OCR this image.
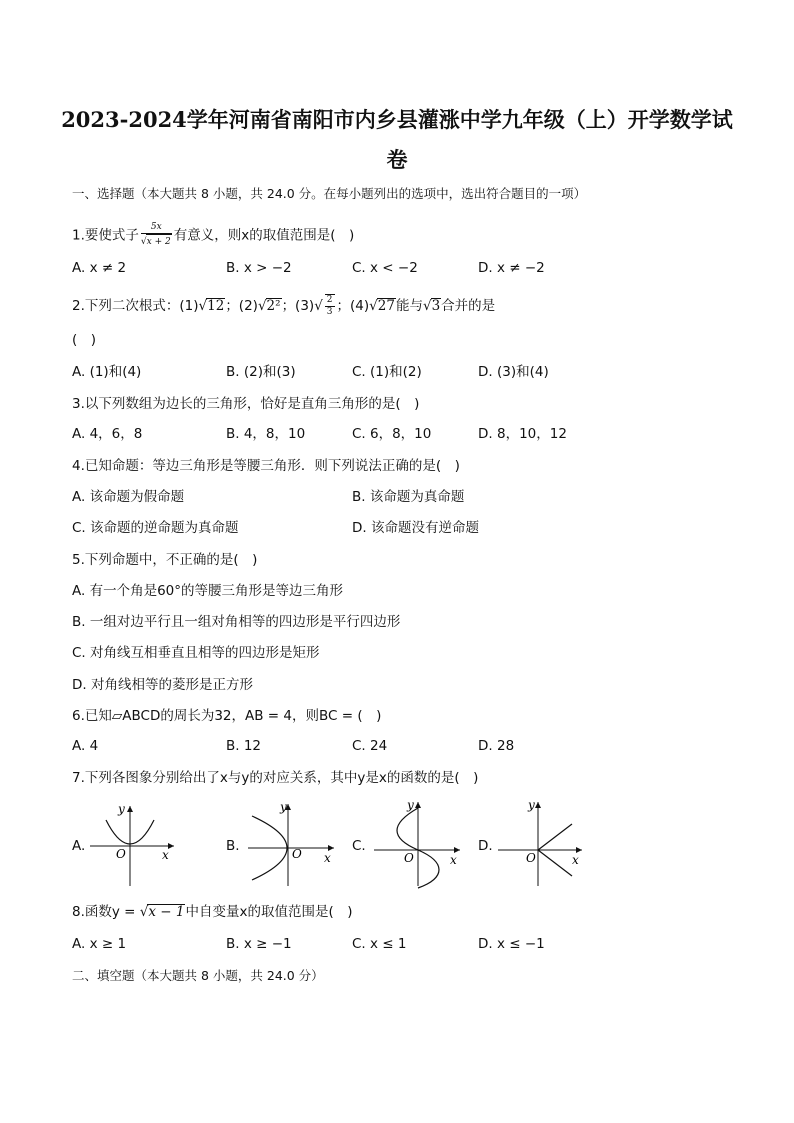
2023-2024学年河南省南阳市内乡县灌涨中学九年级（上）开学数学试
卷
一、选择题（本大题共 8 小题，共 24.0 分。在每小题列出的选项中，选出符合题目的一项）
1.要使式子 $\frac{5x}{√x + 2}$ 有意义，则x的取值范围是(　)
A. x ≠ 2	B. x > −2	C. x < −2	D. x ≠ −2
2.下列二次根式：(1)√12；(2)√2²；$(3)√ \frac{2}{3}$ ；(4)√27能与√3合并的是
(　)
A. (1)和(4)	B. (2)和(3)	C. (1)和(2)	D. (3)和(4)
3.以下列数组为边长的三角形，恰好是直角三角形的是(　)
A. 4，6，8	B. 4，8，10	C. 6，8，10	D. 8，10，12
4.已知命题：等边三角形是等腰三角形．则下列说法正确的是(　)
A. 该命题为假命题	B. 该命题为真命题
C. 该命题的逆命题为真命题	D. 该命题没有逆命题
5.下列命题中，不正确的是(　)
A. 有一个角是60°的等腰三角形是等边三角形
B. 一组对边平行且一组对角相等的四边形是平行四边形
C. 对角线互相垂直且相等的四边形是矩形
D. 对角线相等的菱形是正方形
6.已知▱ABCD的周长为32，AB = 4，则BC = (　)
A. 4	B. 12	C. 24	D. 28
7.下列各图象分别给出了x与y的对应关系，其中y是x的函数的是(　)
A.	O	x
y
B.	O x
y
C.
O	x
y
D.
O	x
y
8.函数y = √x − 1中自变量x的取值范围是(　)
A. x ≥ 1	B. x ≥ −1	C. x ≤ 1	D. x ≤ −1
二、填空题（本大题共 8 小题，共 24.0 分）
